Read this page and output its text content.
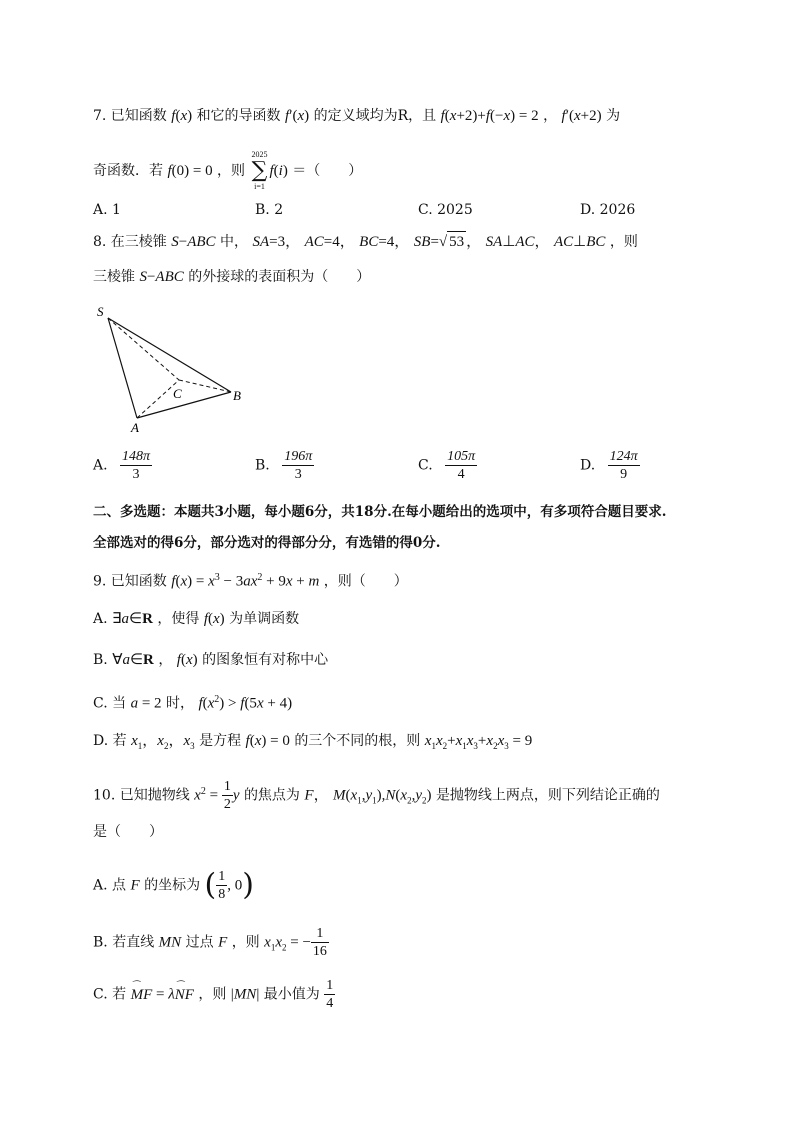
7. 已知函数 f(x) 和它的导函数 f′(x) 的定义域均为R，且 f(x+2)+f(−x) = 2 ， f′(x+2) 为
奇函数．若 f(0) = 0 ，则
2025
∑
i=1
f(i) ＝（　　）
A. 1	B. 2	C. 2025	D. 2026
8. 在三棱锥 S−ABC 中， SA=3， AC=4， BC=4， SB=√ 53 ， SA⊥AC， AC⊥BC ，则
三棱锥 S−ABC 的外接球的表面积为（　　）
S
A
B
C
A. $\frac{148\pi}{3}$	B. $\frac{196\pi}{3}$	C. $\frac{105\pi}{4}$	D. $\frac{124\pi}{9}$
二、多选题：本题共3小题，每小题6分，共18分.在每小题给出的选项中，有多项符合题目要求.
全部选对的得6分，部分选对的得部分分，有选错的得0分.
9. 已知函数 $f(x) = x^3 - 3ax^2 + 9x + m$ ，则（　　）
A. ∃a∈R ，使得 f(x) 为单调函数
B. ∀a∈R ， f(x) 的图象恒有对称中心
C. 当 a = 2 时， $f(x^2) > f(5x + 4)$
D. 若 $x_1$，$x_2$，$x_3$ 是方程 f(x) = 0 的三个不同的根，则 $x_1x_2+x_1x_3+x_2x_3 = 9$
10. 已知抛物线 $x^2 = \frac{1}{2}$ y 的焦点为 F， $M(x_1,y_1),N(x_2,y_2)$ 是抛物线上两点，则下列结论正确的
是（　　）
A. 点 F 的坐标为 ( $\frac{1}{8}$ , 0)
B. 若直线 MN 过点 F ，则 $x_1x_2$ = − $\frac{1}{16}$
C. 若 ⌒ MF = λ⌒ NF ，则 |MN| 最小值为 $\frac{1}{4}$
